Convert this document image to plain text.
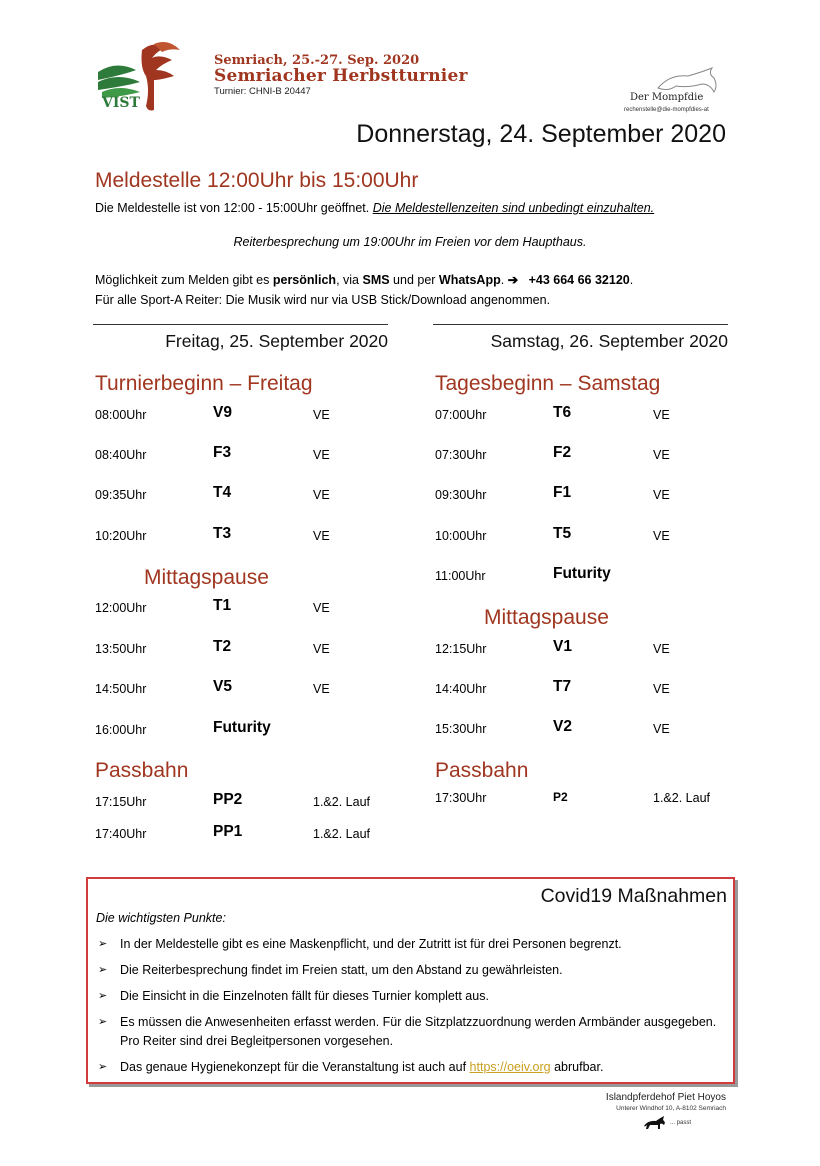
VIST
Semriach, 25.-27. Sep. 2020
Semriacher Herbstturnier
Turnier: CHNI-B 20447
Der Mompfdie
rechenstelle@die-mompfdies-at
Donnerstag, 24. September 2020
Meldestelle 12:00Uhr bis 15:00Uhr
Die Meldestelle ist von 12:00 - 15:00Uhr geöffnet. Die Meldestellenzeiten sind unbedingt einzuhalten.
Reiterbesprechung um 19:00Uhr im Freien vor dem Haupthaus.
Möglichkeit zum Melden gibt es persönlich, via SMS und per WhatsApp. ➔ +43 664 66 32120.
Für alle Sport-A Reiter: Die Musik wird nur via USB Stick/Download angenommen.
Freitag, 25. September 2020	Samstag, 26. September 2020
Turnierbeginn – Freitag
08:00Uhr	V9	VE
08:40Uhr	F3	VE
09:35Uhr	T4	VE
10:20Uhr	T3	VE
Mittagspause
12:00Uhr	T1	VE
13:50Uhr	T2	VE
14:50Uhr	V5	VE
16:00Uhr	Futurity
Passbahn
17:15Uhr	PP2	1.&2. Lauf
17:40Uhr	PP1	1.&2. Lauf
Tagesbeginn – Samstag
07:00Uhr	T6	VE
07:30Uhr	F2	VE
09:30Uhr	F1	VE
10:00Uhr	T5	VE
11:00Uhr	Futurity
Mittagspause
12:15Uhr	V1	VE
14:40Uhr	T7	VE
15:30Uhr	V2	VE
Passbahn
17:30Uhr	P2	1.&2. Lauf
Covid19 Maßnahmen
Die wichtigsten Punkte:
➢ In der Meldestelle gibt es eine Maskenpflicht, und der Zutritt ist für drei Personen begrenzt.
➢ Die Reiterbesprechung findet im Freien statt, um den Abstand zu gewährleisten.
➢ Die Einsicht in die Einzelnoten fällt für dieses Turnier komplett aus.
➢ Es müssen die Anwesenheiten erfasst werden. Für die Sitzplatzzuordnung werden Armbänder ausgegeben. Pro Reiter sind drei Begleitpersonen vorgesehen.
➢ Das genaue Hygienekonzept für die Veranstaltung ist auch auf https://oeiv.org abrufbar.
Islandpferdehof Piet Hoyos
Unterer Windhof 10, A-8102 Semriach
... passt
